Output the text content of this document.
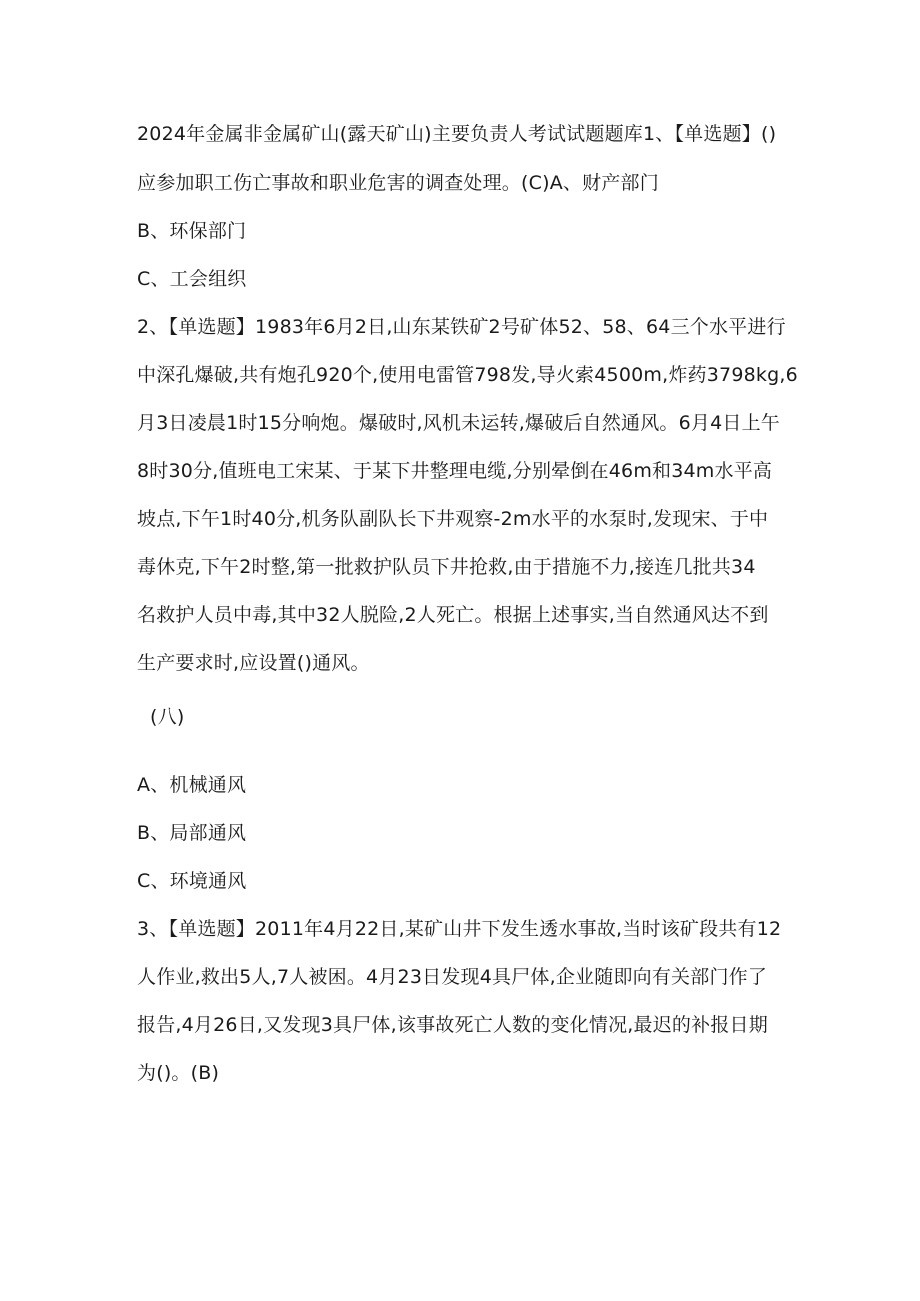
2024年金属非金属矿山(露天矿山)主要负责人考试试题题库1、【单选题】()
应参加职工伤亡事故和职业危害的调查处理。(C)A、财产部门
B、环保部门
C、工会组织
2、【单选题】1983年6月2日,山东某铁矿2号矿体52、58、64三个水平进行
中深孔爆破,共有炮孔920个,使用电雷管798发,导火索4500m,炸药3798kg,6
月3日凌晨1时15分响炮。爆破时,风机未运转,爆破后自然通风。6月4日上午
8时30分,值班电工宋某、于某下井整理电缆,分别晕倒在46m和34m水平高
坡点,下午1时40分,机务队副队长下井观察-2m水平的水泵时,发现宋、于中
毒休克,下午2时整,第一批救护队员下井抢救,由于措施不力,接连几批共34
名救护人员中毒,其中32人脱险,2人死亡。根据上述事实,当自然通风达不到
生产要求时,应设置()通风。
(八)
A、机械通风
B、局部通风
C、环境通风
3、【单选题】2011年4月22日,某矿山井下发生透水事故,当时该矿段共有12
人作业,救出5人,7人被困。4月23日发现4具尸体,企业随即向有关部门作了
报告,4月26日,又发现3具尸体,该事故死亡人数的变化情况,最迟的补报日期
为()。(B)
